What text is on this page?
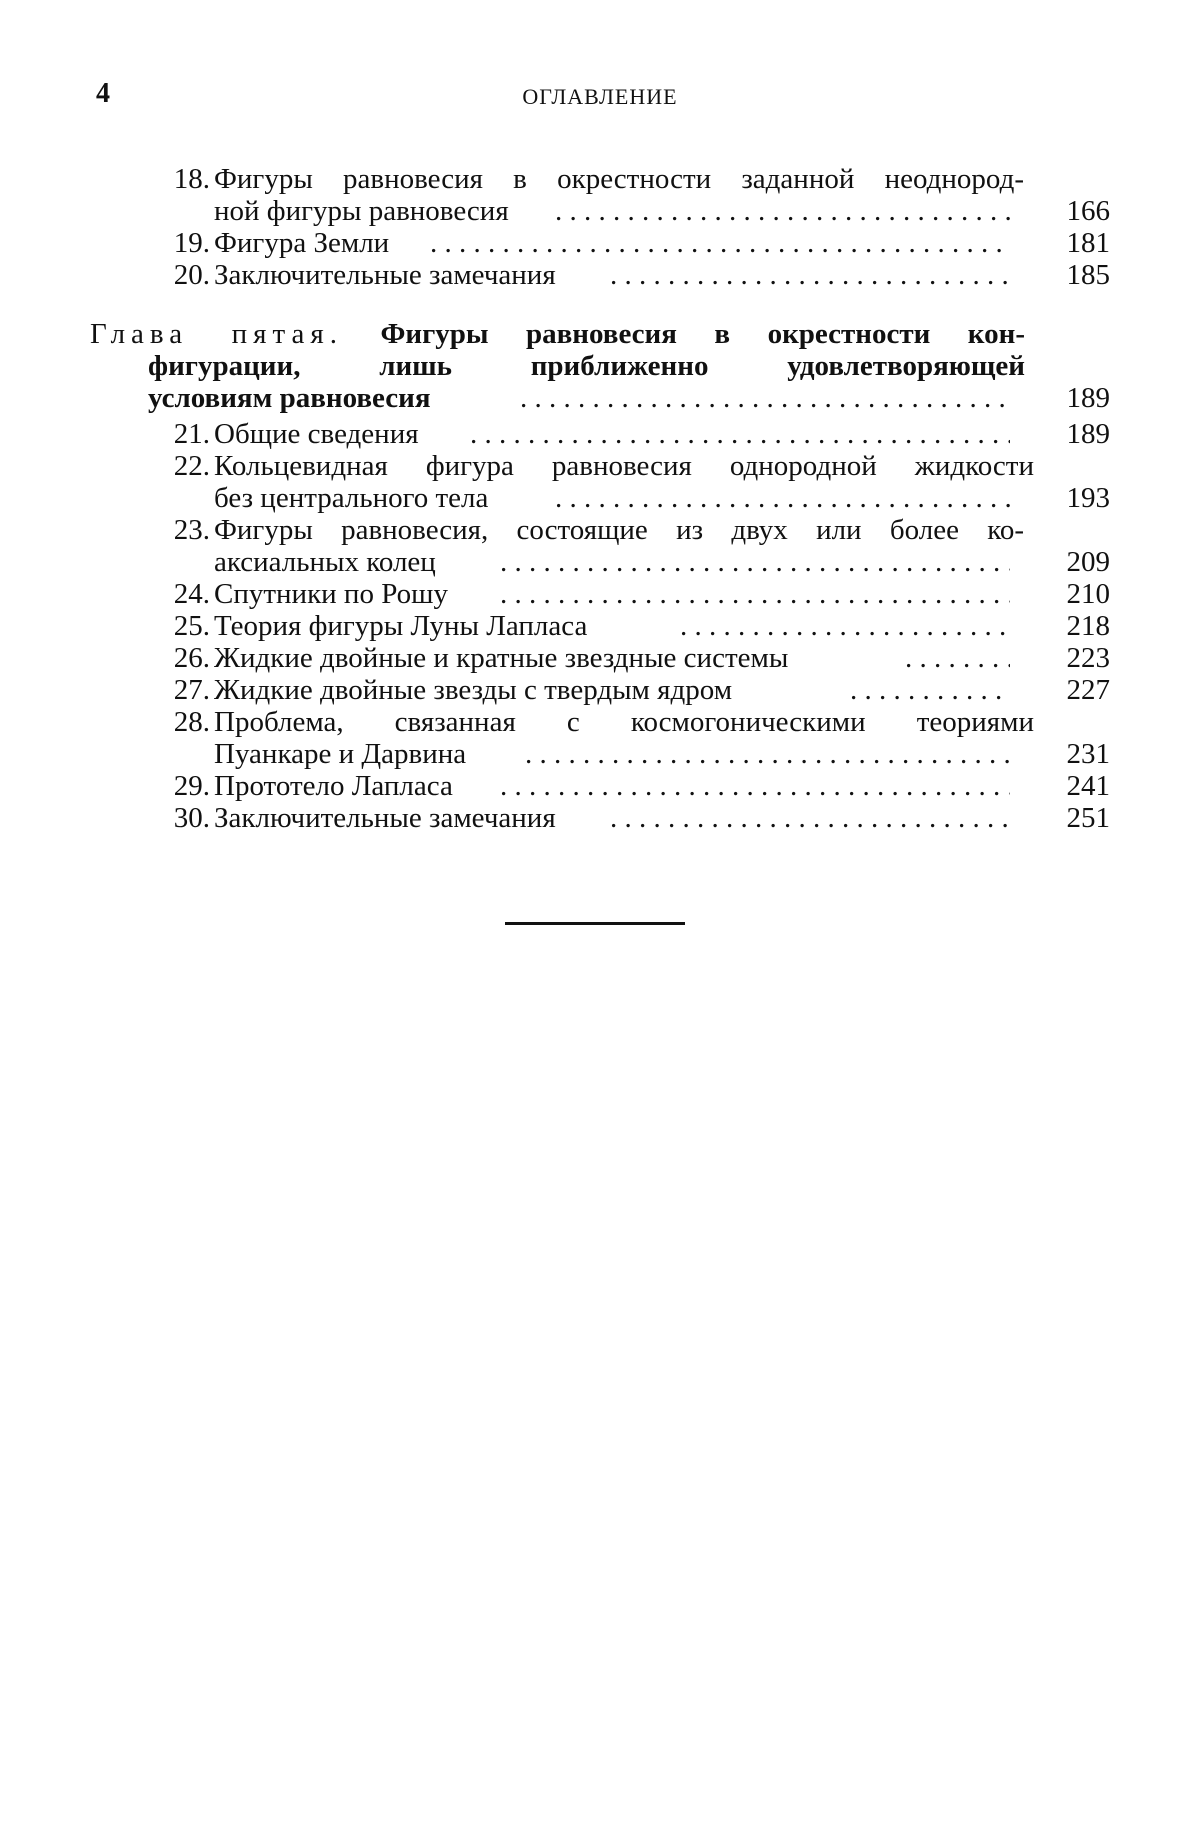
4	ОГЛАВЛЕНИЕ
18. Фигуры равновесия в окрестности заданной неоднород-
ной фигуры равновесия . . .	166
19. Фигура Земли . . .	181
20. Заключительные замечания . . .	185
Глава пятая. Фигуры равновесия в окрестности кон-
фигурации, лишь приближенно удовлетворяющей
условиям равновесия . . .	189
21. Общие сведения . . .	189
22. Кольцевидная фигура равновесия однородной жидкости
без центрального тела . . .	193
23. Фигуры равновесия, состоящие из двух или более ко-
аксиальных колец . . .	209
24. Спутники по Рошу . . .	210
25. Теория фигуры Луны Лапласа . . .	218
26. Жидкие двойные и кратные звездные системы . . .	223
27. Жидкие двойные звезды с твердым ядром . . .	227
28. Проблема, связанная с космогоническими теориями
Пуанкаре и Дарвина . . .	231
29. Прототело Лапласа . . .	241
30. Заключительные замечания . . .	251
